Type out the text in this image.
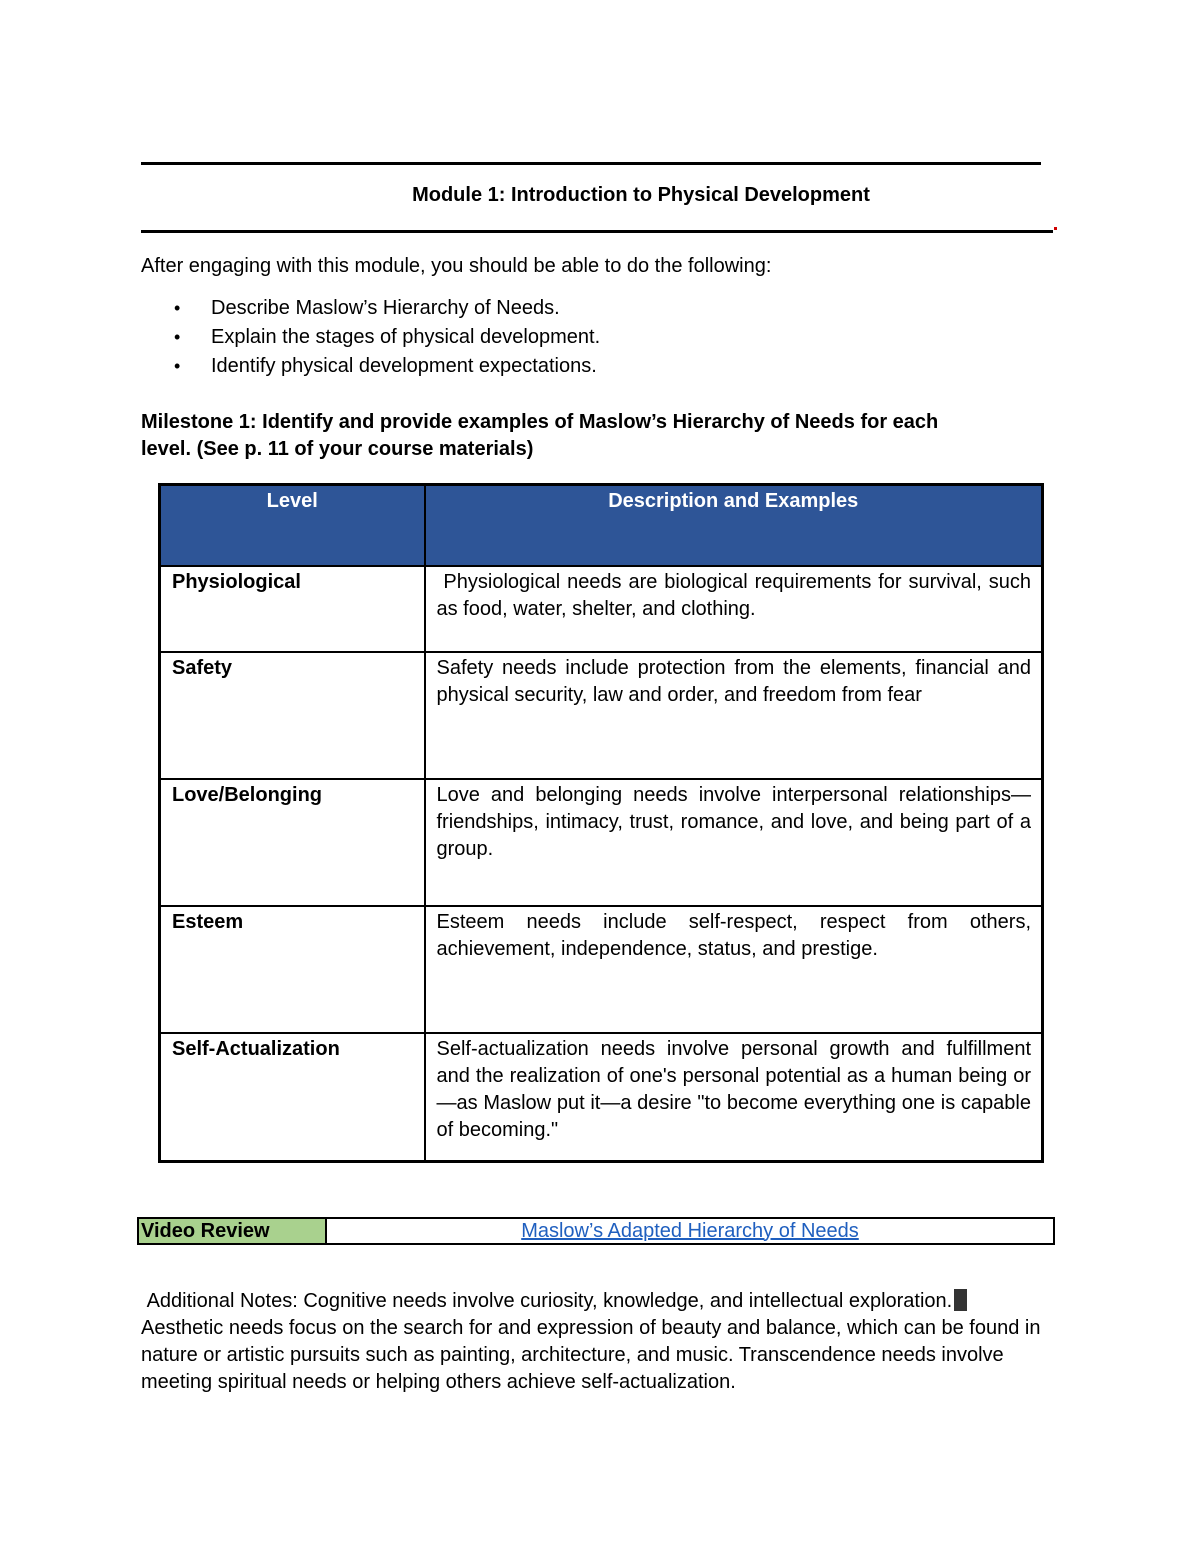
Module 1: Introduction to Physical Development
After engaging with this module, you should be able to do the following:
• Describe Maslow’s Hierarchy of Needs.
• Explain the stages of physical development.
• Identify physical development expectations.
Milestone 1: Identify and provide examples of Maslow’s Hierarchy of Needs for each
level. (See p. 11 of your course materials)
Level	Description and Examples
Physiological	Physiological needs are biological requirements for survival, such as food, water, shelter, and clothing.
Safety	Safety needs include protection from the elements, financial and physical security, law and order, and freedom from fear
Love/Belonging	Love and belonging needs involve interpersonal relationships—friendships, intimacy, trust, romance, and love, and being part of a group.
Esteem	Esteem needs include self-respect, respect from others, achievement, independence, status, and prestige.
Self-Actualization	Self-actualization needs involve personal growth and fulfillment and the realization of one's personal potential as a human being or—as Maslow put it—a desire "to become everything one is capable of becoming."
Video Review	Maslow’s Adapted Hierarchy of Needs
Additional Notes: Cognitive needs involve curiosity, knowledge, and intellectual exploration.
Aesthetic needs focus on the search for and expression of beauty and balance, which can be found in nature or artistic pursuits such as painting, architecture, and music. Transcendence needs involve meeting spiritual needs or helping others achieve self-actualization.
